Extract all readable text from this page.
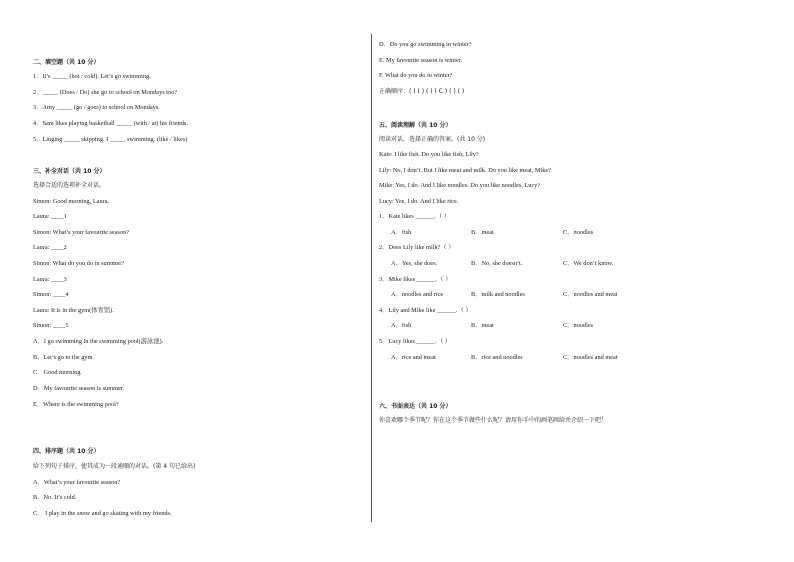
二、填空题（共 10 分）
1．It’s _____ (hot / cold). Let’s go swimming.
2．_____ (Does / Do) she go to school on Mondays too?
3．Amy _____ (go / goes) to school on Mondays.
4．Sam likes playing basketball _____ (with / at) his friends.
5．Linging _____ skipping. I _____ swimming. (like / likes)
三、补全对话（共 10 分）
选择合适的选项补全对话。
Simon: Good morning, Laura.
Laura: ____1
Simon: What’s your favourite season?
Laura: ____2
Simon: What do you do in summer?
Laura: ____3
Simon: ____4
Laura: It is in the gym(体育馆).
Simon: ____5
A．I go swimming in the swimming pool(游泳池).
B．Let’s go to the gym.
C．Good morning.
D．My favourite season is summer.
E．Where is the swimming pool?
四、排序题（共 10 分）
给下列句子排序，使其成为一段通顺的对话。(第 4 句已给出)
A．What’s your favourite season?
B．No. It’s cold.
C． I play in the snow and go skating with my friends.
D．Do you go swimming in winter?
E. My favourite season is winter.
F. What do you do in winter?
正确顺序：( ) ( ) ( ) ( C ) ( ) ( )
五、阅读理解（共 10 分）
阅读对话，选择正确的答案。(共 10 分)
Kate: I like fish. Do you like fish, Lily?
Lily: No, I don’t. But I like meat and milk. Do you like meat, Mike?
Mike: Yes, I do. And I like noodles. Do you like noodles, Lucy?
Lucy: Yes, I do. And I like rice.
1．Kate likes ______.（ ）
A．fish	B．meat	C．noodles
2．Does Lily like milk?（ ）
A．Yes, she does.	B．No, she doesn’t.	C．We don’t know.
3．Mike likes ______.（ ）
A．noodles and rice	B．milk and noodles	C．noodles and meat
4．Lily and Mike like ______.（ ）
A．fish	B．meat	C．noodles
5．Lucy likes ______.（ ）
A．rice and meat	B．rice and noodles	C．noodles and meat
六、书面表达（共 10 分）
你喜欢哪个季节呢？你在这个季节做些什么呢？请用你手中的画笔画给并介绍一下吧！
